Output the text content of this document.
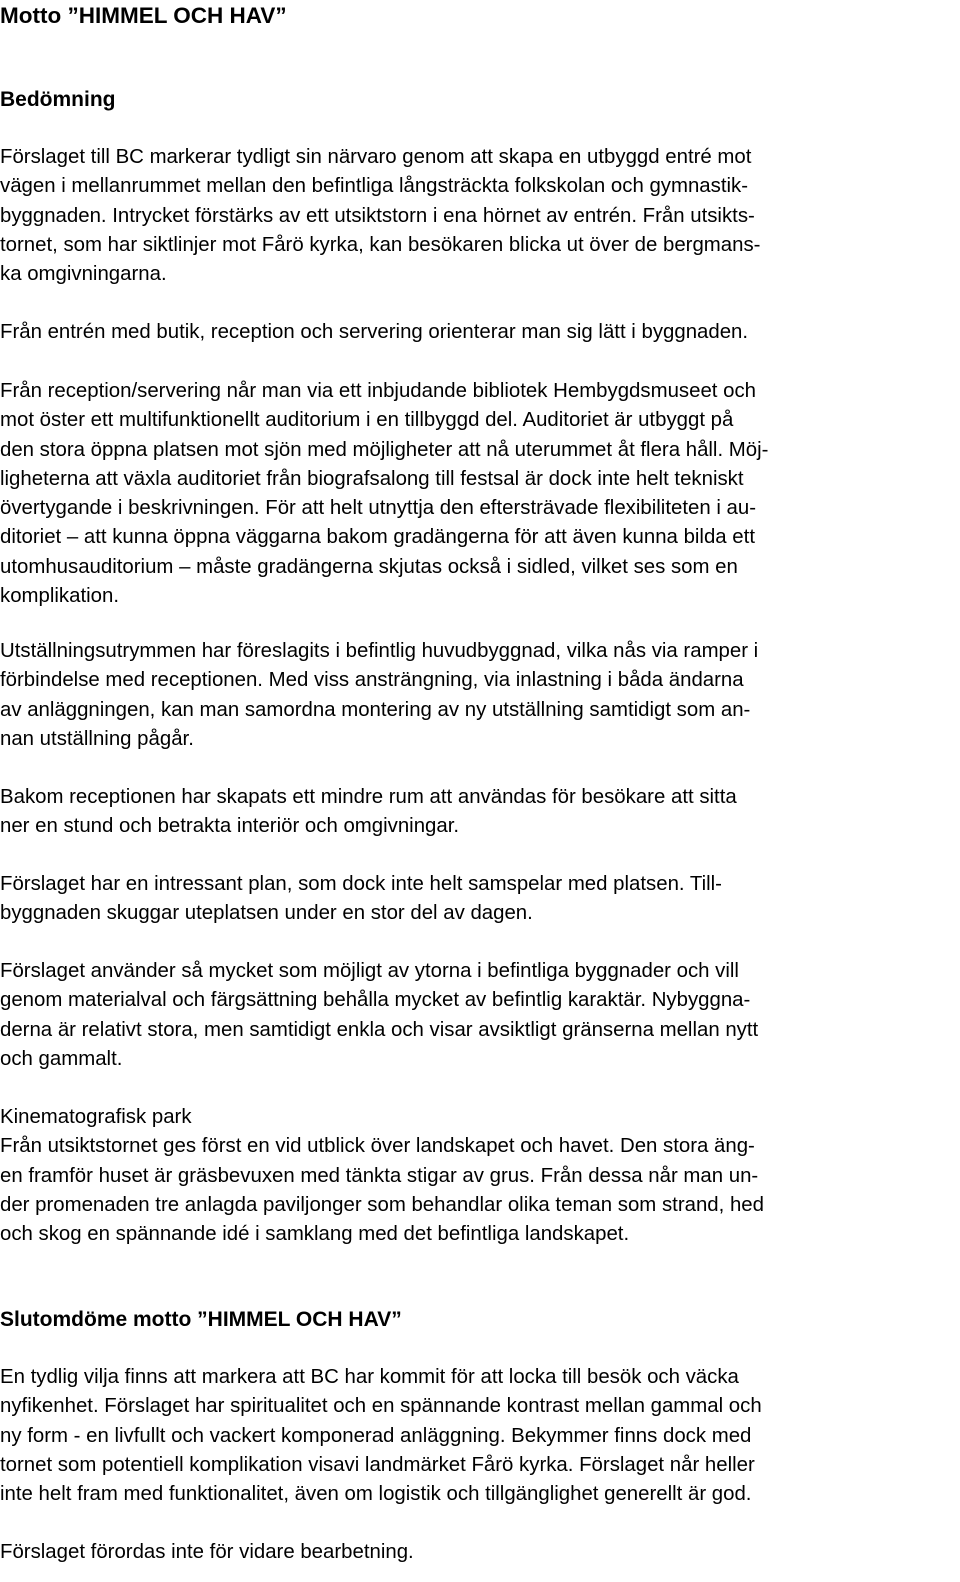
Motto ”HIMMEL OCH HAV”
Bedömning

Förslaget till BC markerar tydligt sin närvaro genom att skapa en utbyggd entré mot
vägen i mellanrummet mellan den befintliga långsträckta folkskolan och gymnastik-
byggnaden. Intrycket förstärks av ett utsiktstorn i ena hörnet av entrén. Från utsikts-
tornet, som har siktlinjer mot Fårö kyrka, kan besökaren blicka ut över de bergmans-
ka omgivningarna.

Från entrén med butik, reception och servering orienterar man sig lätt i byggnaden.

Från reception/servering når man via ett inbjudande bibliotek Hembygdsmuseet och
mot öster ett multifunktionellt auditorium i en tillbyggd del. Auditoriet är utbyggt på
den stora öppna platsen mot sjön med möjligheter att nå uterummet åt flera håll. Möj-
ligheterna att växla auditoriet från biografsalong till festsal är dock inte helt tekniskt
övertygande i beskrivningen. För att helt utnyttja den eftersträvade flexibiliteten i au-
ditoriet – att kunna öppna väggarna bakom gradängerna för att även kunna bilda ett
utomhusauditorium – måste gradängerna skjutas också i sidled, vilket ses som en
komplikation.

Utställningsutrymmen har föreslagits i befintlig huvudbyggnad, vilka nås via ramper i
förbindelse med receptionen. Med viss ansträngning, via inlastning i båda ändarna
av anläggningen, kan man samordna montering av ny utställning samtidigt som an-
nan utställning pågår.

Bakom receptionen har skapats ett mindre rum att användas för besökare att sitta
ner en stund och betrakta interiör och omgivningar.

Förslaget har en intressant plan, som dock inte helt samspelar med platsen. Till-
byggnaden skuggar uteplatsen under en stor del av dagen.

Förslaget använder så mycket som möjligt av ytorna i befintliga byggnader och vill
genom materialval och färgsättning behålla mycket av befintlig karaktär. Nybyggna-
derna är relativt stora, men samtidigt enkla och visar avsiktligt gränserna mellan nytt
och gammalt.

Kinematografisk park
Från utsiktstornet ges först en vid utblick över landskapet och havet. Den stora äng-
en framför huset är gräsbevuxen med tänkta stigar av grus. Från dessa når man un-
der promenaden tre anlagda paviljonger som behandlar olika teman som strand, hed
och skog en spännande idé i samklang med det befintliga landskapet.

Slutomdöme motto ”HIMMEL OCH HAV”

En tydlig vilja finns att markera att BC har kommit för att locka till besök och väcka
nyfikenhet. Förslaget har spiritualitet och en spännande kontrast mellan gammal och
ny form - en livfullt och vackert komponerad anläggning. Bekymmer finns dock med
tornet som potentiell komplikation visavi landmärket Fårö kyrka. Förslaget når heller
inte helt fram med funktionalitet, även om logistik och tillgänglighet generellt är god.

Förslaget förordas inte för vidare bearbetning.
